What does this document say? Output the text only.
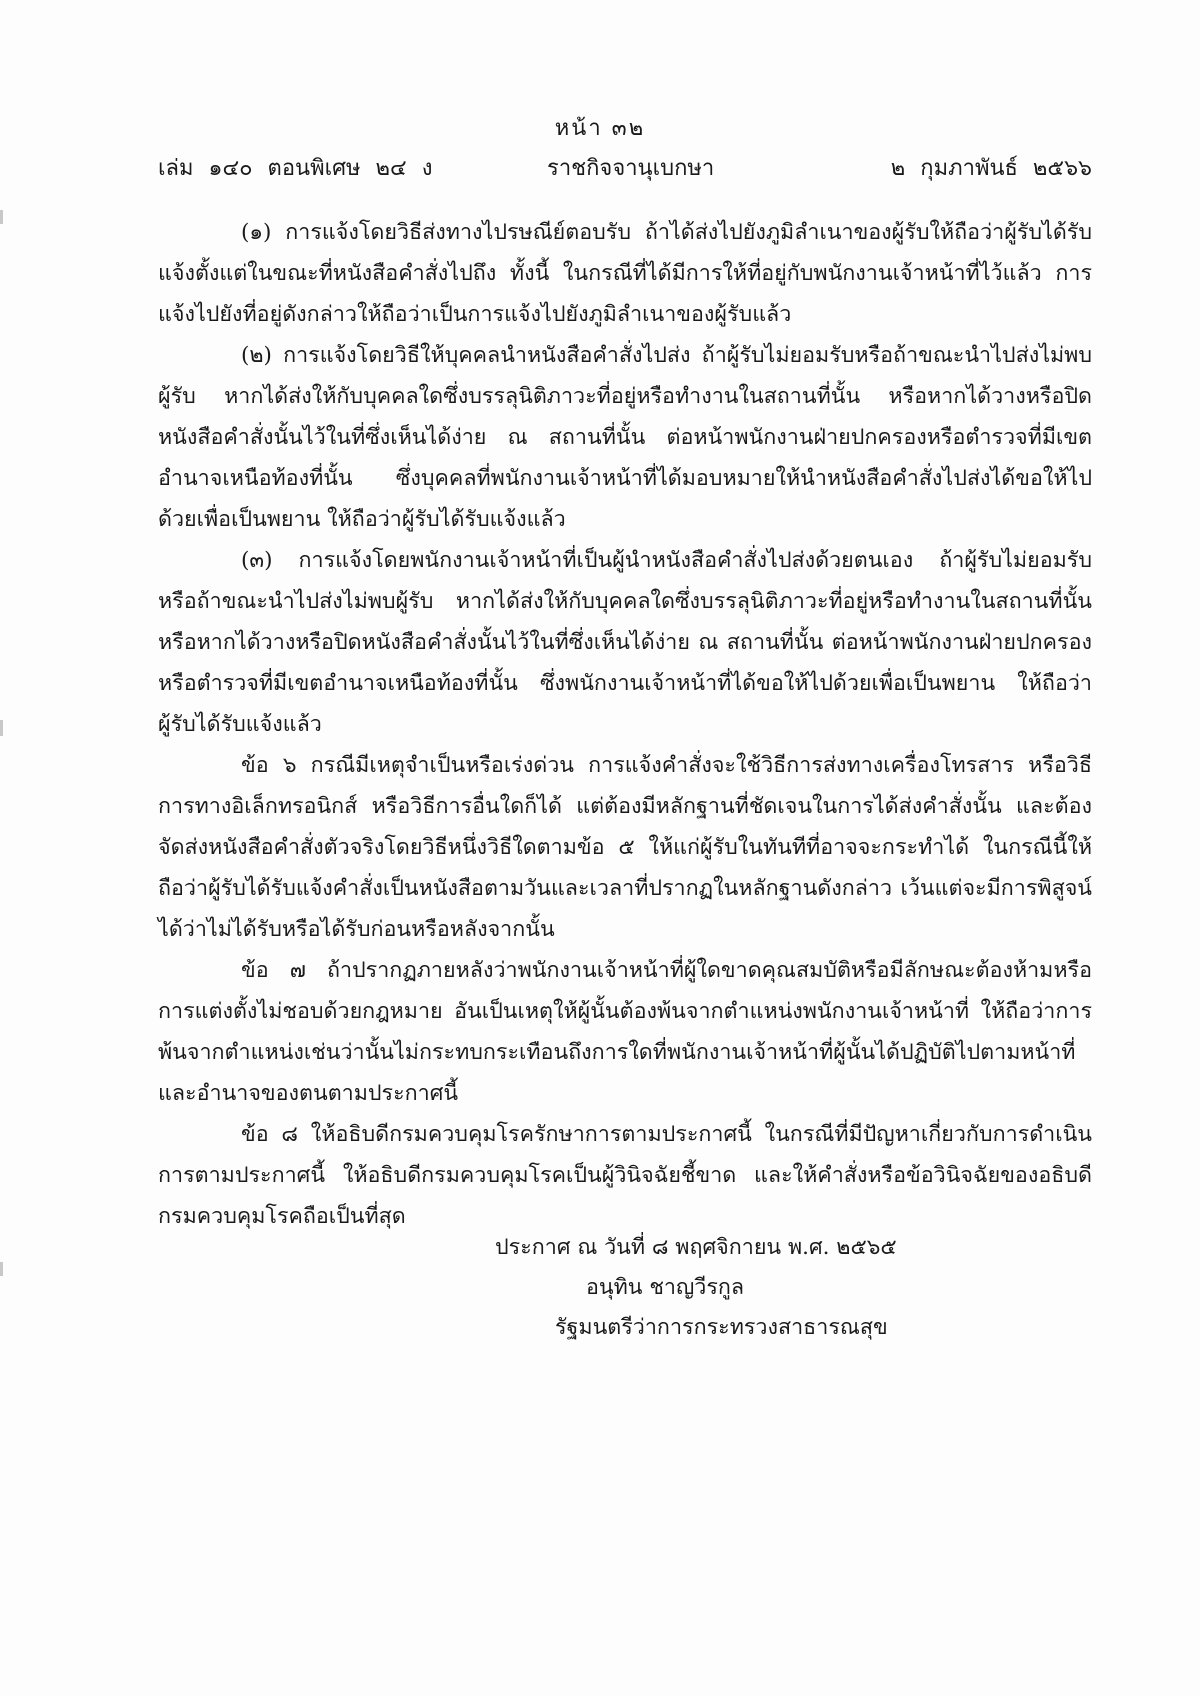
หน้า ๓๒
เล่ม ๑๔๐ ตอนพิเศษ ๒๔ ง	ราชกิจจานุเบกษา	๒ กุมภาพันธ์ ๒๕๖๖

(๑) การแจ้งโดยวิธีส่งทางไปรษณีย์ตอบรับ ถ้าได้ส่งไปยังภูมิลำเนาของผู้รับให้ถือว่าผู้รับได้รับแจ้งตั้งแต่ในขณะที่หนังสือคำสั่งไปถึง ทั้งนี้ ในกรณีที่ได้มีการให้ที่อยู่กับพนักงานเจ้าหน้าที่ไว้แล้ว การแจ้งไปยังที่อยู่ดังกล่าวให้ถือว่าเป็นการแจ้งไปยังภูมิลำเนาของผู้รับแล้ว

(๒) การแจ้งโดยวิธีให้บุคคลนำหนังสือคำสั่งไปส่ง ถ้าผู้รับไม่ยอมรับหรือถ้าขณะนำไปส่งไม่พบผู้รับ หากได้ส่งให้กับบุคคลใดซึ่งบรรลุนิติภาวะที่อยู่หรือทำงานในสถานที่นั้น หรือหากได้วางหรือปิดหนังสือคำสั่งนั้นไว้ในที่ซึ่งเห็นได้ง่าย ณ สถานที่นั้น ต่อหน้าพนักงานฝ่ายปกครองหรือตำรวจที่มีเขตอำนาจเหนือท้องที่นั้น ซึ่งบุคคลที่พนักงานเจ้าหน้าที่ได้มอบหมายให้นำหนังสือคำสั่งไปส่งได้ขอให้ไปด้วยเพื่อเป็นพยาน ให้ถือว่าผู้รับได้รับแจ้งแล้ว

(๓) การแจ้งโดยพนักงานเจ้าหน้าที่เป็นผู้นำหนังสือคำสั่งไปส่งด้วยตนเอง ถ้าผู้รับไม่ยอมรับหรือถ้าขณะนำไปส่งไม่พบผู้รับ หากได้ส่งให้กับบุคคลใดซึ่งบรรลุนิติภาวะที่อยู่หรือทำงานในสถานที่นั้น หรือหากได้วางหรือปิดหนังสือคำสั่งนั้นไว้ในที่ซึ่งเห็นได้ง่าย ณ สถานที่นั้น ต่อหน้าพนักงานฝ่ายปกครองหรือตำรวจที่มีเขตอำนาจเหนือท้องที่นั้น ซึ่งพนักงานเจ้าหน้าที่ได้ขอให้ไปด้วยเพื่อเป็นพยาน ให้ถือว่าผู้รับได้รับแจ้งแล้ว

ข้อ ๖ กรณีมีเหตุจำเป็นหรือเร่งด่วน การแจ้งคำสั่งจะใช้วิธีการส่งทางเครื่องโทรสาร หรือวิธีการทางอิเล็กทรอนิกส์ หรือวิธีการอื่นใดก็ได้ แต่ต้องมีหลักฐานที่ชัดเจนในการได้ส่งคำสั่งนั้น และต้องจัดส่งหนังสือคำสั่งตัวจริงโดยวิธีหนึ่งวิธีใดตามข้อ ๕ ให้แก่ผู้รับในทันทีที่อาจจะกระทำได้ ในกรณีนี้ให้ถือว่าผู้รับได้รับแจ้งคำสั่งเป็นหนังสือตามวันและเวลาที่ปรากฏในหลักฐานดังกล่าว เว้นแต่จะมีการพิสูจน์ได้ว่าไม่ได้รับหรือได้รับก่อนหรือหลังจากนั้น

ข้อ ๗ ถ้าปรากฏภายหลังว่าพนักงานเจ้าหน้าที่ผู้ใดขาดคุณสมบัติหรือมีลักษณะต้องห้ามหรือการแต่งตั้งไม่ชอบด้วยกฎหมาย อันเป็นเหตุให้ผู้นั้นต้องพ้นจากตำแหน่งพนักงานเจ้าหน้าที่ ให้ถือว่าการพ้นจากตำแหน่งเช่นว่านั้นไม่กระทบกระเทือนถึงการใดที่พนักงานเจ้าหน้าที่ผู้นั้นได้ปฏิบัติไปตามหน้าที่และอำนาจของตนตามประกาศนี้

ข้อ ๘ ให้อธิบดีกรมควบคุมโรครักษาการตามประกาศนี้ ในกรณีที่มีปัญหาเกี่ยวกับการดำเนินการตามประกาศนี้ ให้อธิบดีกรมควบคุมโรคเป็นผู้วินิจฉัยชี้ขาด และให้คำสั่งหรือข้อวินิจฉัยของอธิบดีกรมควบคุมโรคถือเป็นที่สุด

ประกาศ ณ วันที่ ๘ พฤศจิกายน พ.ศ. ๒๕๖๕
อนุทิน ชาญวีรกูล
รัฐมนตรีว่าการกระทรวงสาธารณสุข
